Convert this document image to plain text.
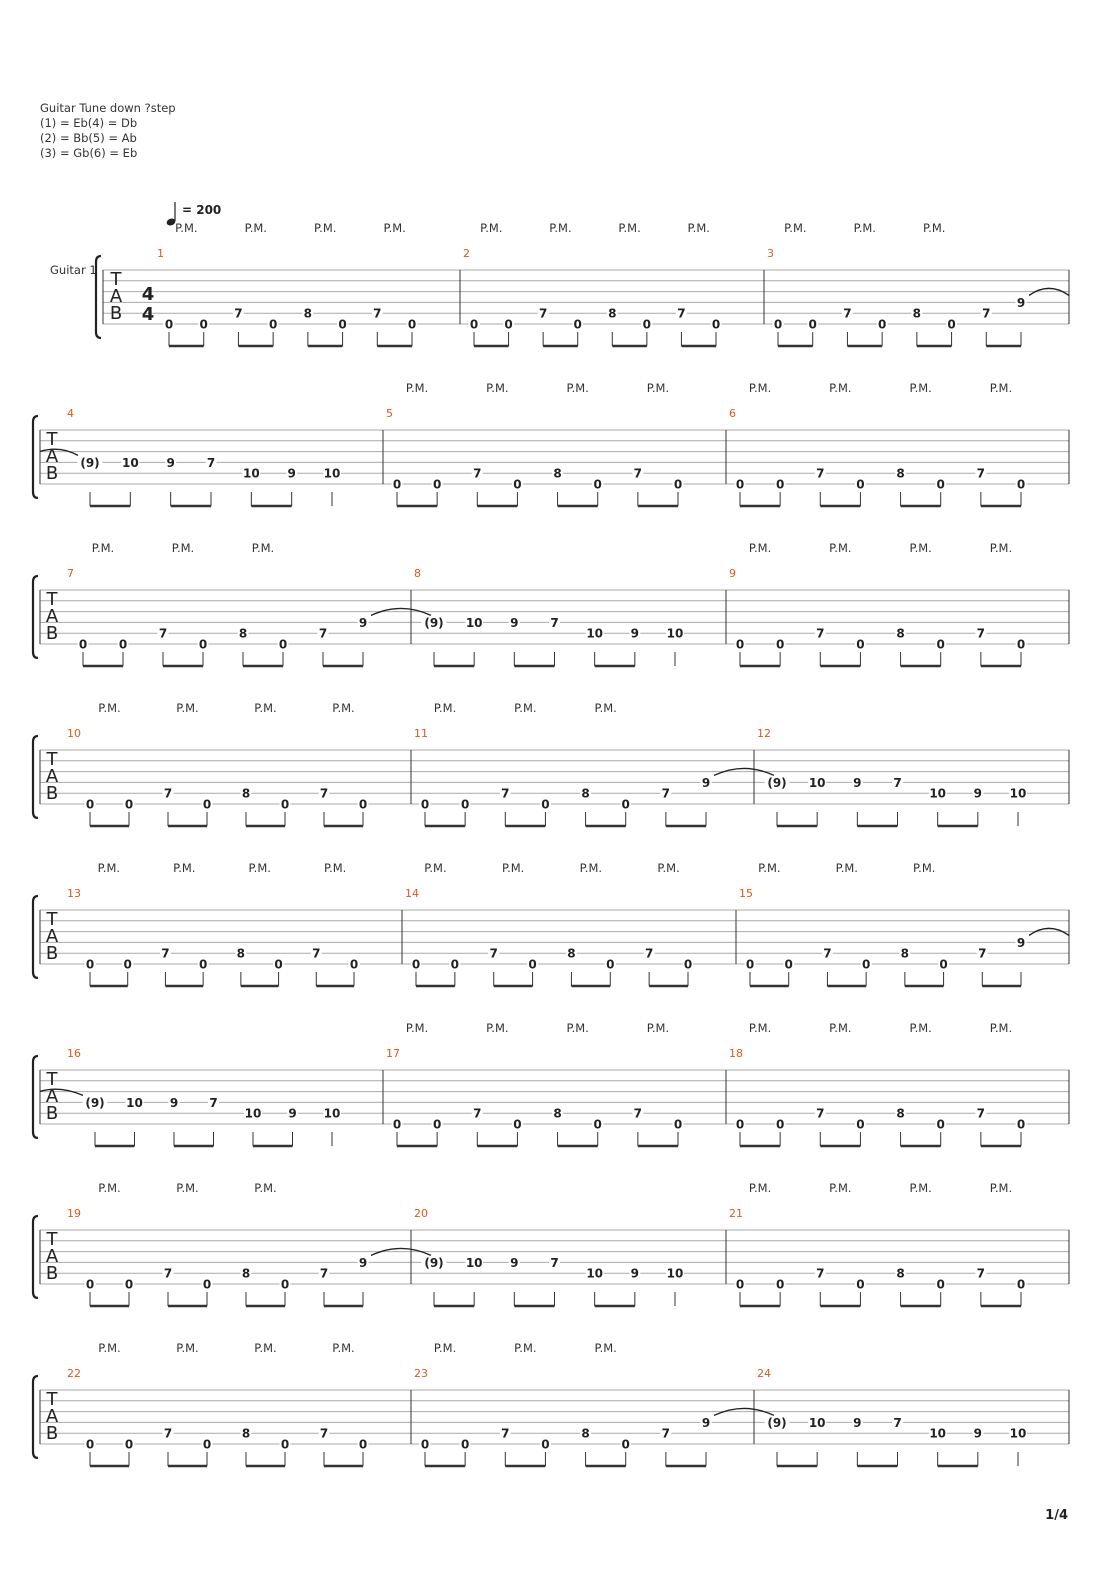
Guitar Tune down ?step
(1) = Eb(4) = Db
(2) = Bb(5) = Ab
(3) = Gb(6) = Eb
= 200
Guitar 1 T
A
B
4
4
1
0 0
7
0
8
0
7
0
P.M.	P.M.	P.M.	P.M.
2
0 0
7
0
8
0
7
0
P.M.	P.M.	P.M.	P.M.
3
0 0
7
0
8
0
7
9
P.M.	P.M.	P.M.
T
A
B
4
(9) 10 9	7
10 9 10
5
0	0
7
0
8
0
7
0
P.M.	P.M.	P.M.	P.M.
6
0	0
7
0
8
0
7
0
P.M.	P.M.	P.M.	P.M.
T
A
B
7
0	0
7
0
8
0
7
9
P.M.	P.M.	P.M.
8
(9) 10 9	7
10 9 10
9
0	0
7
0
8
0
7
0
P.M.	P.M.	P.M.	P.M.
T
A
B
10
0	0
7
0
8
0
7
0
P.M.	P.M.	P.M.	P.M.
11
0	0
7
0
8
0
7
9
P.M.	P.M.	P.M.
12
(9) 10 9	7
10 9 10
T
A
B
13
0 0
7
0
8
0
7
0
P.M.	P.M.	P.M.	P.M.
14
0	0
7
0
8
0
7
0
P.M.	P.M.	P.M.	P.M.
15
0	0
7
0
8
0
7
9
P.M.	P.M.	P.M.
T
A
B
16
(9) 10 9	7
10 9 10
17
0	0
7
0
8
0
7
0
P.M.	P.M.	P.M.	P.M.
18
0	0
7
0
8
0
7
0
P.M.	P.M.	P.M.	P.M.
T
A
B
19
0	0
7
0
8
0
7
9
P.M.	P.M.	P.M.
20
(9) 10 9	7
10 9 10
21
0	0
7
0
8
0
7
0
P.M.	P.M.	P.M.	P.M.
T
A
B
22
0	0
7
0
8
0
7
0
P.M.	P.M.	P.M.	P.M.
23
0	0
7
0
8
0
7
9
P.M.	P.M.	P.M.
24
(9) 10 9	7
10 9 10
1/4
